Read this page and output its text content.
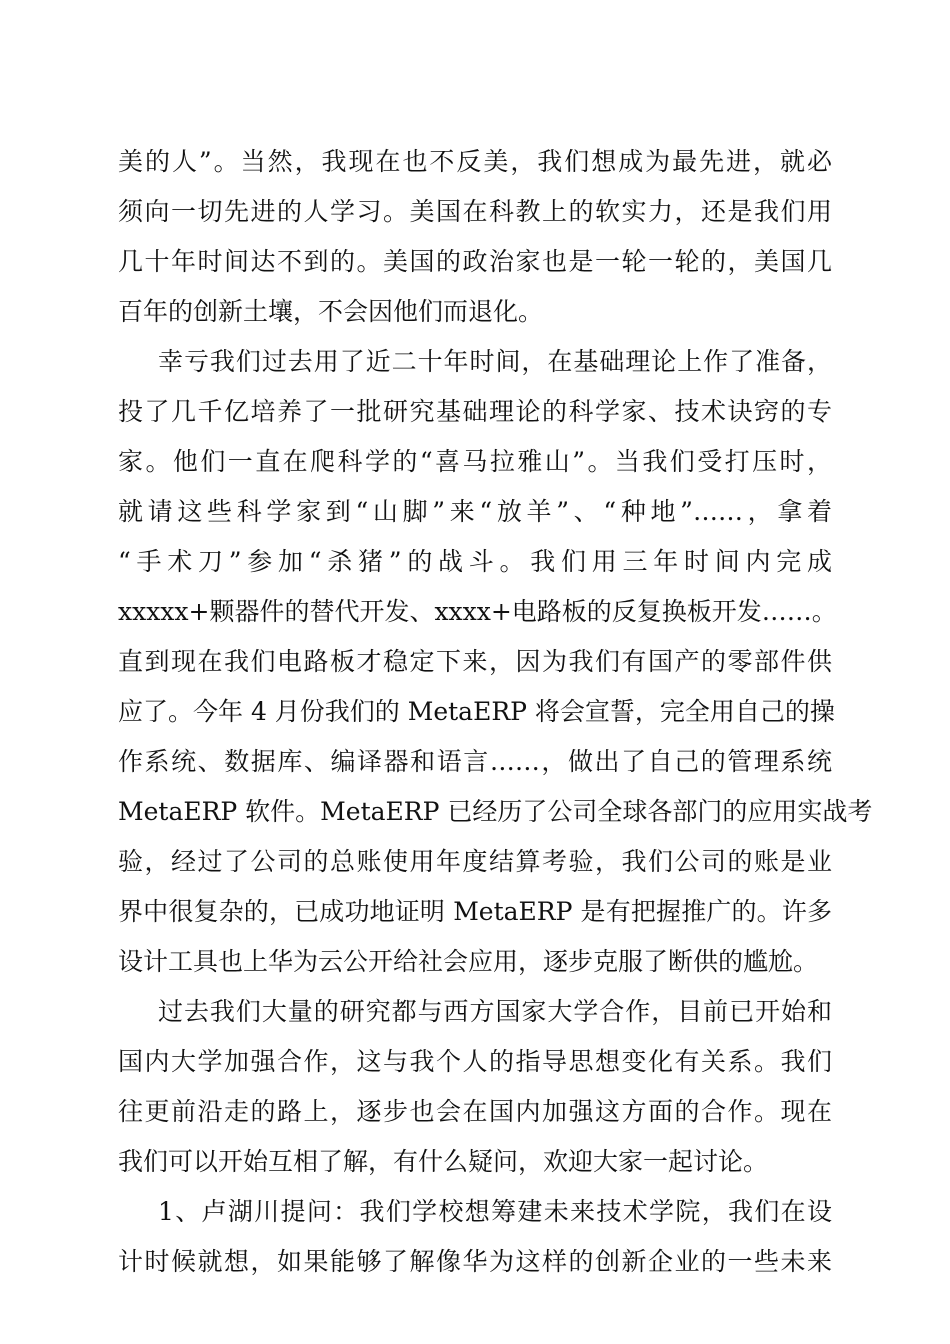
美的人”。当然，我现在也不反美，我们想成为最先进，就必
须向一切先进的人学习。美国在科教上的软实力，还是我们用
几十年时间达不到的。美国的政治家也是一轮一轮的，美国几
百年的创新土壤，不会因他们而退化。
幸亏我们过去用了近二十年时间，在基础理论上作了准备，
投了几千亿培养了一批研究基础理论的科学家、技术诀窍的专
家。他们一直在爬科学的“喜马拉雅山”。当我们受打压时，
就请这些科学家到“山脚”来“放羊”、“种地”……，拿着
“手术刀”参加“杀猪”的战斗。我们用三年时间内完成
xxxxx+颗器件的替代开发、xxxx+电路板的反复换板开发……。
直到现在我们电路板才稳定下来，因为我们有国产的零部件供
应了。今年 4 月份我们的 MetaERP 将会宣誓，完全用自己的操
作系统、数据库、编译器和语言……，做出了自己的管理系统
MetaERP 软件。MetaERP 已经历了公司全球各部门的应用实战考
验，经过了公司的总账使用年度结算考验，我们公司的账是业
界中很复杂的，已成功地证明 MetaERP 是有把握推广的。许多
设计工具也上华为云公开给社会应用，逐步克服了断供的尴尬。
过去我们大量的研究都与西方国家大学合作，目前已开始和
国内大学加强合作，这与我个人的指导思想变化有关系。我们
往更前沿走的路上，逐步也会在国内加强这方面的合作。现在
我们可以开始互相了解，有什么疑问，欢迎大家一起讨论。
1、卢湖川提问：我们学校想筹建未来技术学院，我们在设
计时候就想，如果能够了解像华为这样的创新企业的一些未来
